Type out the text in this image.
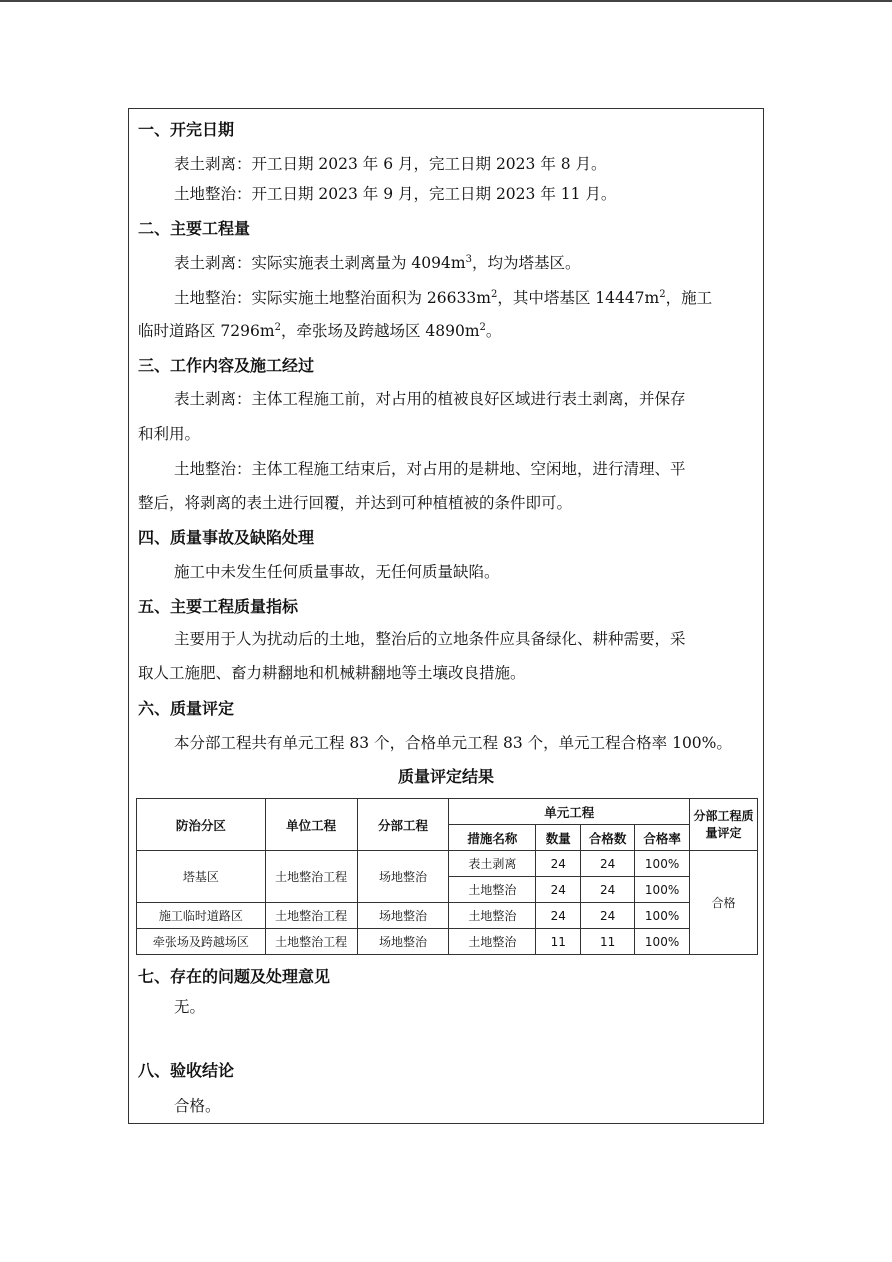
一、开完日期
表土剥离：开工日期 2023 年 6 月，完工日期 2023 年 8 月。
土地整治：开工日期 2023 年 9 月，完工日期 2023 年 11 月。
二、主要工程量
表土剥离：实际实施表土剥离量为 $4094m^3$，均为塔基区。
土地整治：实际实施土地整治面积为 $26633m^2$，其中塔基区 $14447m^2$，施工
临时道路区 $7296m^2$，牵张场及跨越场区 $4890m^2$。
三、工作内容及施工经过
表土剥离：主体工程施工前，对占用的植被良好区域进行表土剥离，并保存
和利用。
土地整治：主体工程施工结束后，对占用的是耕地、空闲地，进行清理、平
整后，将剥离的表土进行回覆，并达到可种植植被的条件即可。
四、质量事故及缺陷处理
施工中未发生任何质量事故，无任何质量缺陷。
五、主要工程质量指标
主要用于人为扰动后的土地，整治后的立地条件应具备绿化、耕种需要，采
取人工施肥、畜力耕翻地和机械耕翻地等土壤改良措施。
六、质量评定
本分部工程共有单元工程 83 个，合格单元工程 83 个，单元工程合格率 100%。
质量评定结果
防治分区	单位工程	分部工程	单元工程				分部工程质量评定
			措施名称	数量	合格数	合格率	
塔基区	土地整治工程	场地整治	表土剥离	24	24	100%	合格
			土地整治	24	24	100%	
施工临时道路区	土地整治工程	场地整治	土地整治	24	24	100%	
牵张场及跨越场区	土地整治工程	场地整治	土地整治	11	11	100%	
七、存在的问题及处理意见
无。
八、验收结论
合格。
